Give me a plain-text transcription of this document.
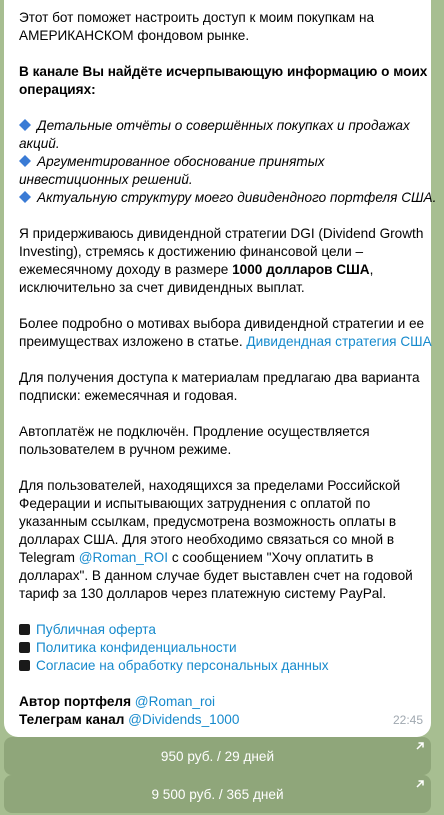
Этот бот поможет настроить доступ к моим покупкам на
АМЕРИКАНСКОМ фондовом рынке.
В канале Вы найдёте исчерпывающую информацию о моих
операциях:
Детальные отчёты о совершённых покупках и продажах
акций.
Аргументированное обоснование принятых
инвестиционных решений.
Актуальную структуру моего дивидендного портфеля США.
Я придерживаюсь дивидендной стратегии DGI (Dividend Growth
Investing), стремясь к достижению финансовой цели –
ежемесячному доходу в размере 1000 долларов США,
исключительно за счет дивидендных выплат.
Более подробно о мотивах выбора дивидендной стратегии и ее
преимуществах изложено в статье. Дивидендная стратегия США
Для получения доступа к материалам предлагаю два варианта
подписки: ежемесячная и годовая.
Автоплатёж не подключён. Продление осуществляется
пользователем в ручном режиме.
Для пользователей, находящихся за пределами Российской
Федерации и испытывающих затруднения с оплатой по
указанным ссылкам, предусмотрена возможность оплаты в
долларах США. Для этого необходимо связаться со мной в
Telegram @Roman_ROI с сообщением "Хочу оплатить в
долларах". В данном случае будет выставлен счет на годовой
тариф за 130 долларов через платежную систему PayPal.
Публичная оферта
Политика конфиденциальности
Согласие на обработку персональных данных
Автор портфеля @Roman_roi
Телеграм канал @Dividends_1000	22:45
950 руб. / 29 дней
9 500 руб. / 365 дней
